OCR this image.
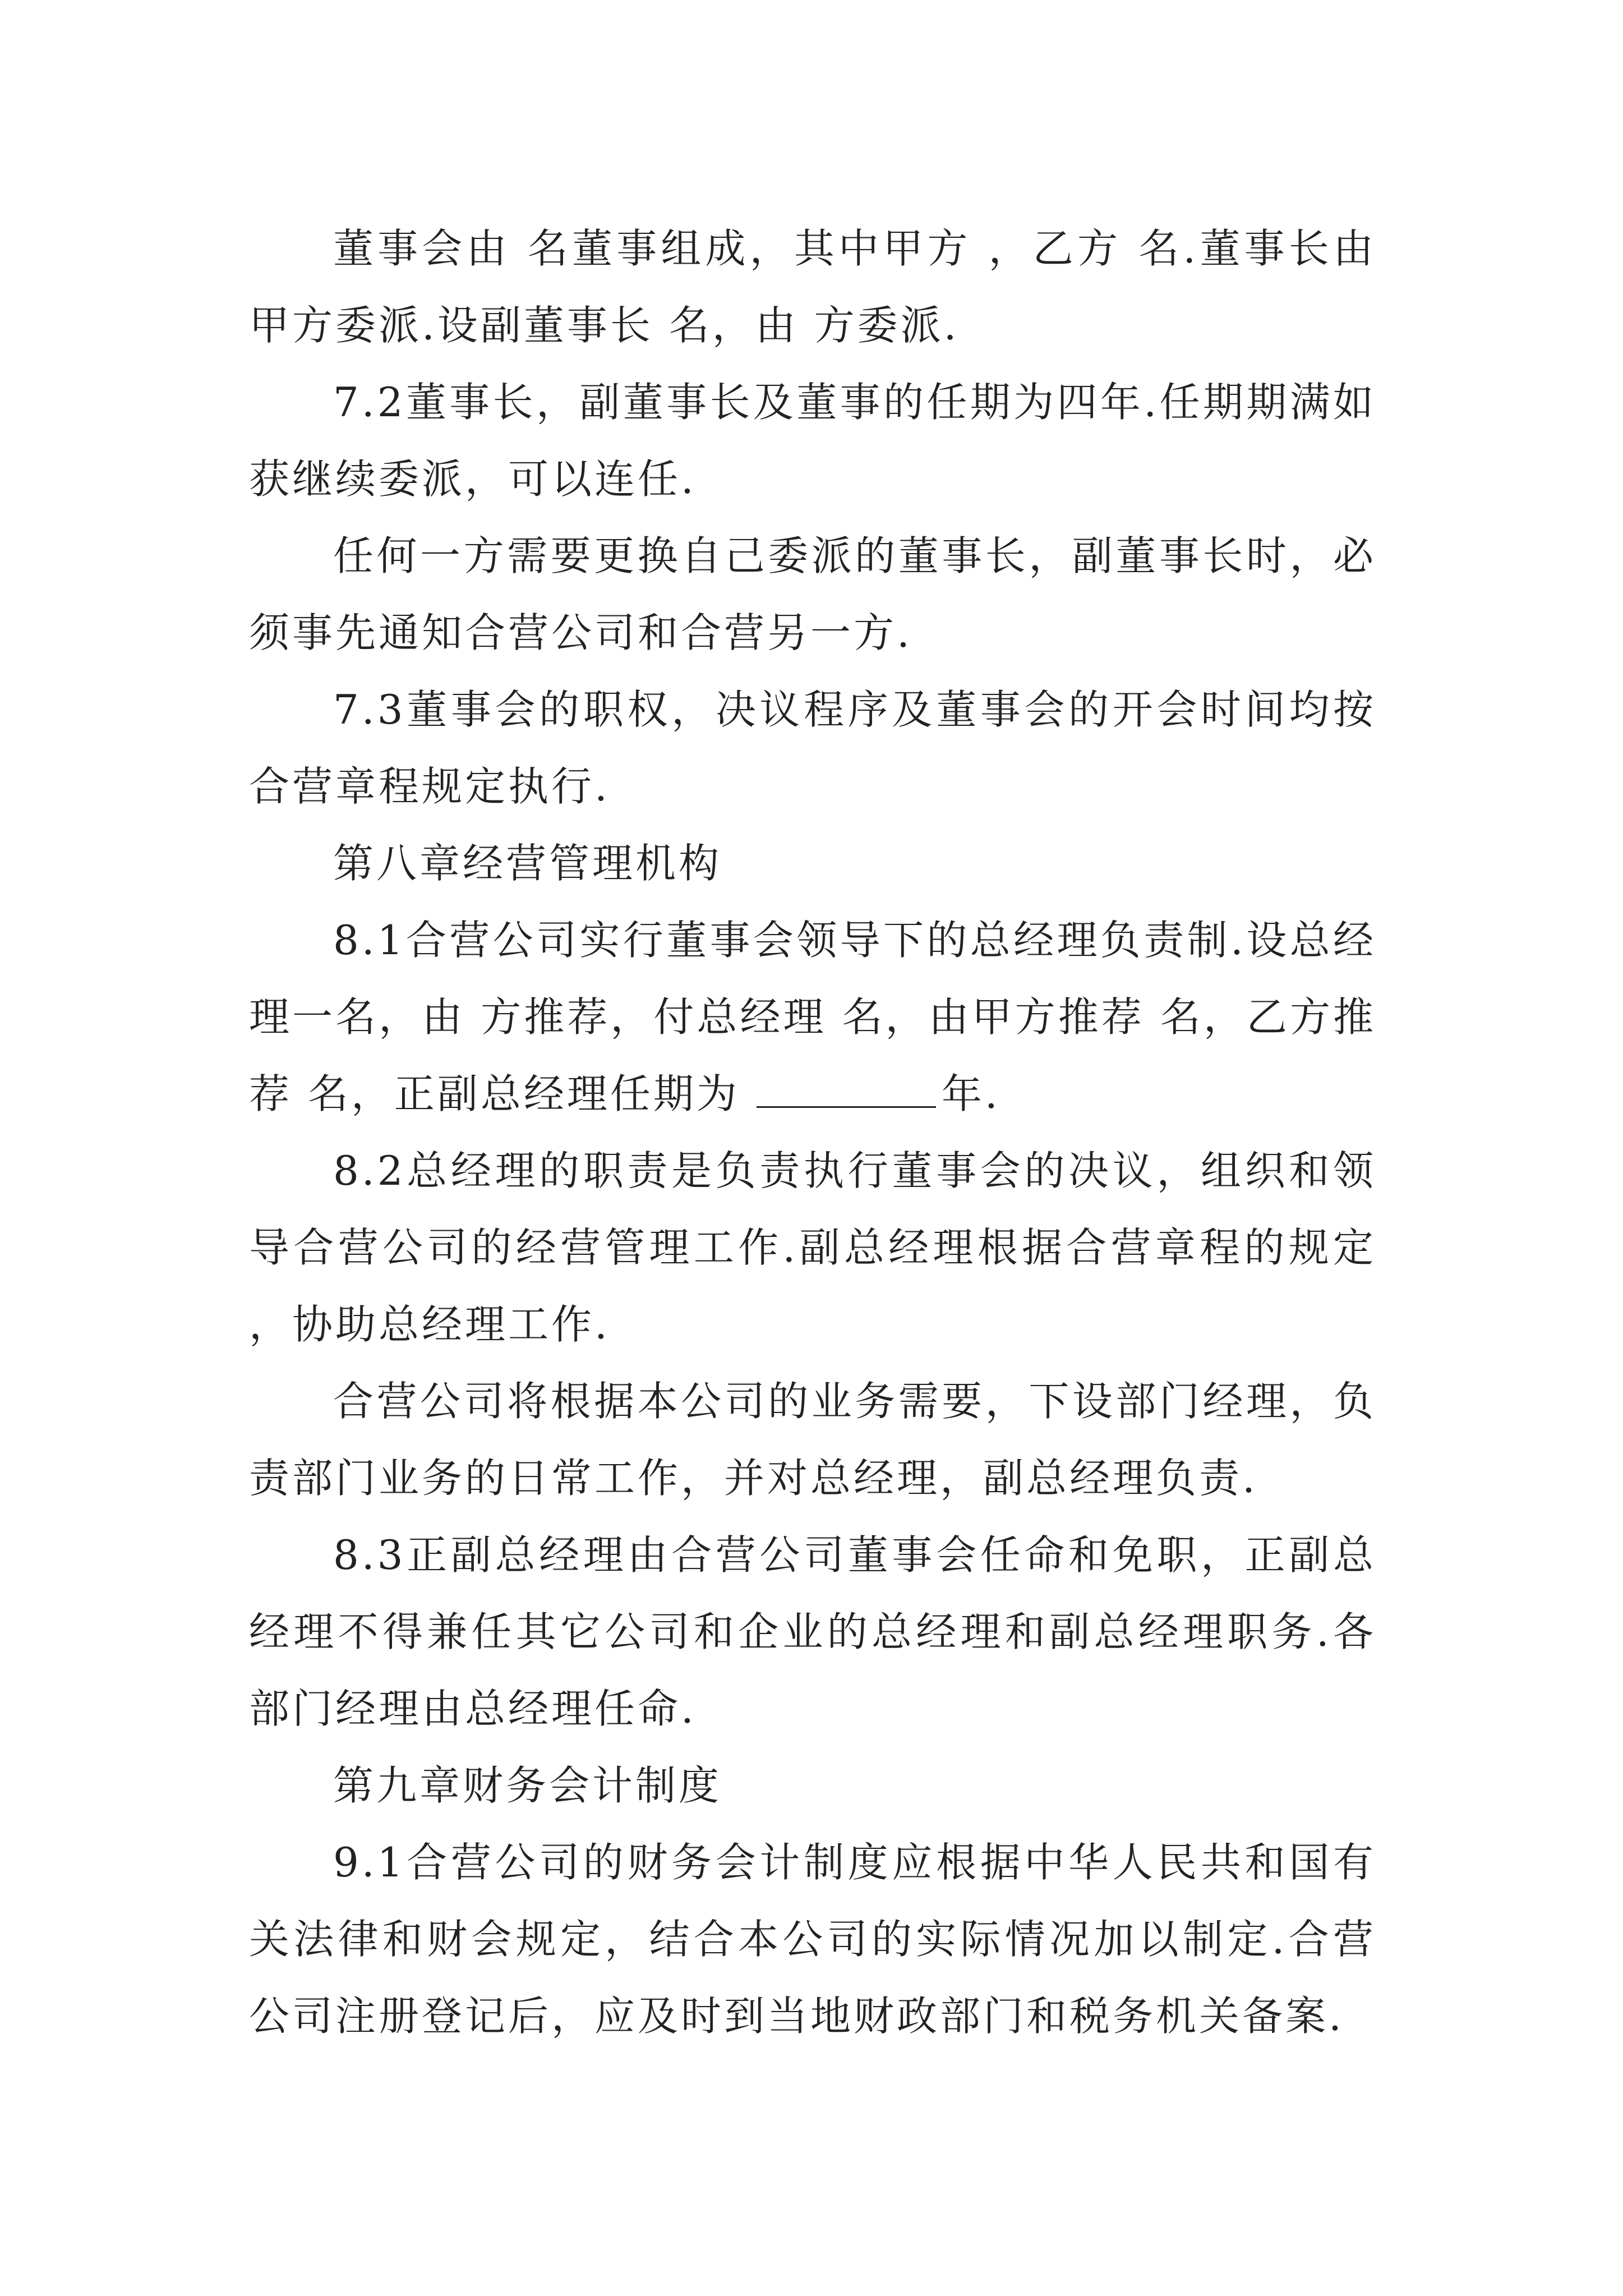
董事会由 名董事组成，其中甲方 ，乙方 名.董事长由甲方委派.设副董事长 名，由 方委派.

7.2董事长，副董事长及董事的任期为四年.任期期满如获继续委派，可以连任.

任何一方需要更换自己委派的董事长，副董事长时，必须事先通知合营公司和合营另一方.

7.3董事会的职权，决议程序及董事会的开会时间均按合营章程规定执行.

第八章经营管理机构

8.1合营公司实行董事会领导下的总经理负责制.设总经理一名，由 方推荐，付总经理 名，由甲方推荐 名，乙方推荐 名，正副总经理任期为	年.

8.2总经理的职责是负责执行董事会的决议，组织和领导合营公司的经营管理工作.副总经理根据合营章程的规定，协助总经理工作.

合营公司将根据本公司的业务需要，下设部门经理，负责部门业务的日常工作，并对总经理，副总经理负责.

8.3正副总经理由合营公司董事会任命和免职，正副总经理不得兼任其它公司和企业的总经理和副总经理职务.各部门经理由总经理任命.

第九章财务会计制度

9.1合营公司的财务会计制度应根据中华人民共和国有关法律和财会规定，结合本公司的实际情况加以制定.合营公司注册登记后，应及时到当地财政部门和税务机关备案.
